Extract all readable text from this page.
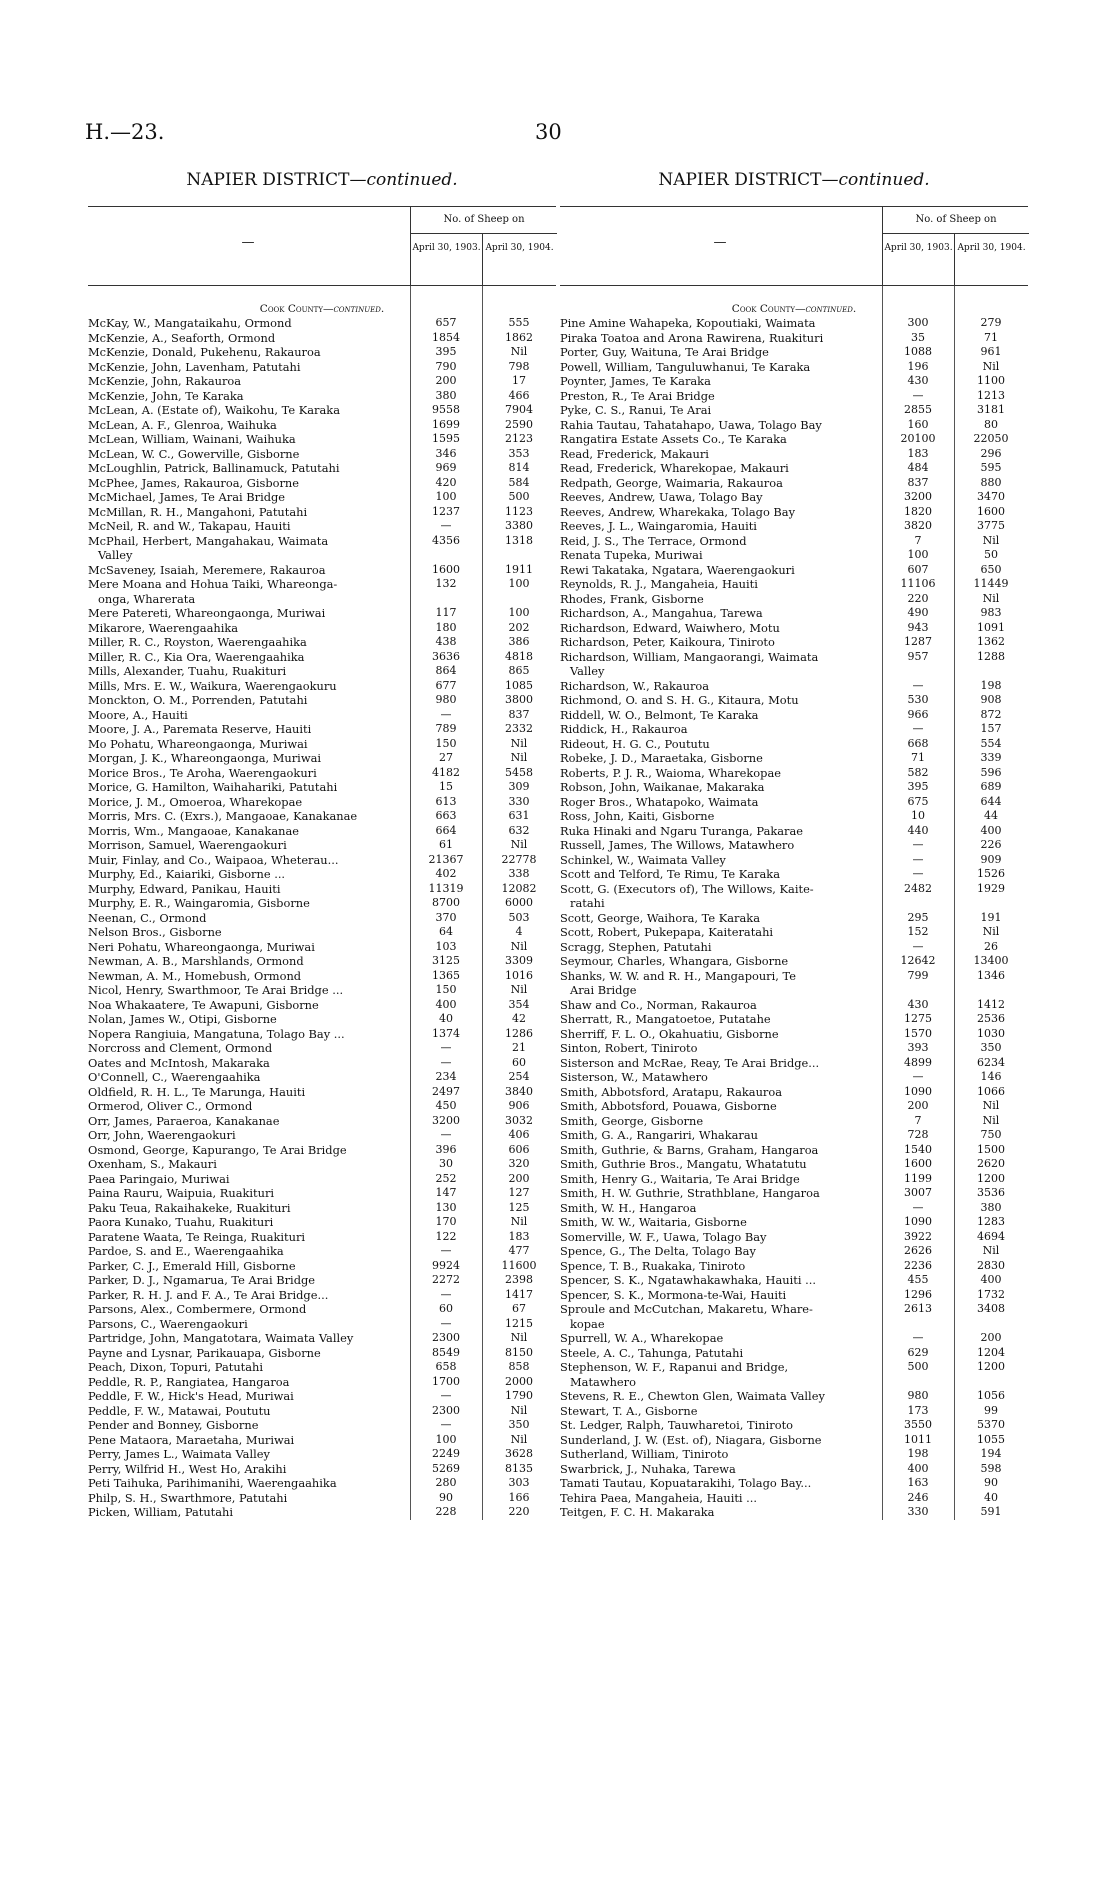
H.—23.	30
NAPIER DISTRICT—continued.
—
No. of Sheep on
April 30, 1903. April 30, 1904.
Cook County—continued.
McKay, W., Mangataikahu, Ormond	657	555
McKenzie, A., Seaforth, Ormond	1854	1862
McKenzie, Donald, Pukehenu, Rakauroa	395	Nil
McKenzie, John, Lavenham, Patutahi	790	798
McKenzie, John, Rakauroa	200	17
McKenzie, John, Te Karaka	380	466
McLean, A. (Estate of), Waikohu, Te Karaka	9558	7904
McLean, A. F., Glenroa, Waihuka	1699	2590
McLean, William, Wainani, Waihuka	1595	2123
McLean, W. C., Gowerville, Gisborne	346	353
McLoughlin, Patrick, Ballinamuck, Patutahi	969	814
McPhee, James, Rakauroa, Gisborne	420	584
McMichael, James, Te Arai Bridge	100	500
McMillan, R. H., Mangahoni, Patutahi	1237	1123
McNeil, R. and W., Takapau, Hauiti	—	3380
McPhail, Herbert, Mangahakau, Waimata	4356	1318
Valley
McSaveney, Isaiah, Meremere, Rakauroa	1600	1911
Mere Moana and Hohua Taiki, Whareonga-	132	100
onga, Wharerata
Mere Patereti, Whareongaonga, Muriwai	117	100
Mikarore, Waerengaahika	180	202
Miller, R. C., Royston, Waerengaahika	438	386
Miller, R. C., Kia Ora, Waerengaahika	3636	4818
Mills, Alexander, Tuahu, Ruakituri	864	865
Mills, Mrs. E. W., Waikura, Waerengaokuru	677	1085
Monckton, O. M., Porrenden, Patutahi	980	3800
Moore, A., Hauiti	—	837
Moore, J. A., Paremata Reserve, Hauiti	789	2332
Mo Pohatu, Whareongaonga, Muriwai	150	Nil
Morgan, J. K., Whareongaonga, Muriwai	27	Nil
Morice Bros., Te Aroha, Waerengaokuri	4182	5458
Morice, G. Hamilton, Waihahariki, Patutahi	15	309
Morice, J. M., Omoeroa, Wharekopae	613	330
Morris, Mrs. C. (Exrs.), Mangaoae, Kanakanae	663	631
Morris, Wm., Mangaoae, Kanakanae	664	632
Morrison, Samuel, Waerengaokuri	61	Nil
Muir, Finlay, and Co., Waipaoa, Wheterau...	21367	22778
Murphy, Ed., Kaiariki, Gisborne ...	402	338
Murphy, Edward, Panikau, Hauiti	11319	12082
Murphy, E. R., Waingaromia, Gisborne	8700	6000
Neenan, C., Ormond	370	503
Nelson Bros., Gisborne	64	4
Neri Pohatu, Whareongaonga, Muriwai	103	Nil
Newman, A. B., Marshlands, Ormond	3125	3309
Newman, A. M., Homebush, Ormond	1365	1016
Nicol, Henry, Swarthmoor, Te Arai Bridge ...	150	Nil
Noa Whakaatere, Te Awapuni, Gisborne	400	354
Nolan, James W., Otipi, Gisborne	40	42
Nopera Rangiuia, Mangatuna, Tolago Bay ...	1374	1286
Norcross and Clement, Ormond	—	21
Oates and McIntosh, Makaraka	—	60
O'Connell, C., Waerengaahika	234	254
Oldfield, R. H. L., Te Marunga, Hauiti	2497	3840
Ormerod, Oliver C., Ormond	450	906
Orr, James, Paraeroa, Kanakanae	3200	3032
Orr, John, Waerengaokuri	—	406
Osmond, George, Kapurango, Te Arai Bridge	396	606
Oxenham, S., Makauri	30	320
Paea Paringaio, Muriwai	252	200
Paina Rauru, Waipuia, Ruakituri	147	127
Paku Teua, Rakaihakeke, Ruakituri	130	125
Paora Kunako, Tuahu, Ruakituri	170	Nil
Paratene Waata, Te Reinga, Ruakituri	122	183
Pardoe, S. and E., Waerengaahika	—	477
Parker, C. J., Emerald Hill, Gisborne	9924	11600
Parker, D. J., Ngamarua, Te Arai Bridge	2272	2398
Parker, R. H. J. and F. A., Te Arai Bridge...	—	1417
Parsons, Alex., Combermere, Ormond	60	67
Parsons, C., Waerengaokuri	—	1215
Partridge, John, Mangatotara, Waimata Valley	2300	Nil
Payne and Lysnar, Parikauapa, Gisborne	8549	8150
Peach, Dixon, Topuri, Patutahi	658	858
Peddle, R. P., Rangiatea, Hangaroa	1700	2000
Peddle, F. W., Hick's Head, Muriwai	—	1790
Peddle, F. W., Matawai, Poututu	2300	Nil
Pender and Bonney, Gisborne	—	350
Pene Mataora, Maraetaha, Muriwai	100	Nil
Perry, James L., Waimata Valley	2249	3628
Perry, Wilfrid H., West Ho, Arakihi	5269	8135
Peti Taihuka, Parihimanihi, Waerengaahika	280	303
Philp, S. H., Swarthmore, Patutahi	90	166
Picken, William, Patutahi	228	220
NAPIER DISTRICT—continued.
—
No. of Sheep on
April 30, 1903. April 30, 1904.
Cook County—continued.
Pine Amine Wahapeka, Kopoutiaki, Waimata	300	279
Piraka Toatoa and Arona Rawirena, Ruakituri	35	71
Porter, Guy, Waituna, Te Arai Bridge	1088	961
Powell, William, Tanguluwhanui, Te Karaka	196	Nil
Poynter, James, Te Karaka	430	1100
Preston, R., Te Arai Bridge	—	1213
Pyke, C. S., Ranui, Te Arai	2855	3181
Rahia Tautau, Tahatahapo, Uawa, Tolago Bay	160	80
Rangatira Estate Assets Co., Te Karaka	20100	22050
Read, Frederick, Makauri	183	296
Read, Frederick, Wharekopae, Makauri	484	595
Redpath, George, Waimaria, Rakauroa	837	880
Reeves, Andrew, Uawa, Tolago Bay	3200	3470
Reeves, Andrew, Wharekaka, Tolago Bay	1820	1600
Reeves, J. L., Waingaromia, Hauiti	3820	3775
Reid, J. S., The Terrace, Ormond	7	Nil
Renata Tupeka, Muriwai	100	50
Rewi Takataka, Ngatara, Waerengaokuri	607	650
Reynolds, R. J., Mangaheia, Hauiti	11106	11449
Rhodes, Frank, Gisborne	220	Nil
Richardson, A., Mangahua, Tarewa	490	983
Richardson, Edward, Waiwhero, Motu	943	1091
Richardson, Peter, Kaikoura, Tiniroto	1287	1362
Richardson, William, Mangaorangi, Waimata	957	1288
Valley
Richardson, W., Rakauroa	—	198
Richmond, O. and S. H. G., Kitaura, Motu	530	908
Riddell, W. O., Belmont, Te Karaka	966	872
Riddick, H., Rakauroa	—	157
Rideout, H. G. C., Poututu	668	554
Robeke, J. D., Maraetaka, Gisborne	71	339
Roberts, P. J. R., Waioma, Wharekopae	582	596
Robson, John, Waikanae, Makaraka	395	689
Roger Bros., Whatapoko, Waimata	675	644
Ross, John, Kaiti, Gisborne	10	44
Ruka Hinaki and Ngaru Turanga, Pakarae	440	400
Russell, James, The Willows, Matawhero	—	226
Schinkel, W., Waimata Valley	—	909
Scott and Telford, Te Rimu, Te Karaka	—	1526
Scott, G. (Executors of), The Willows, Kaite-	2482	1929
ratahi
Scott, George, Waihora, Te Karaka	295	191
Scott, Robert, Pukepapa, Kaiteratahi	152	Nil
Scragg, Stephen, Patutahi	—	26
Seymour, Charles, Whangara, Gisborne	12642	13400
Shanks, W. W. and R. H., Mangapouri, Te	799	1346
Arai Bridge
Shaw and Co., Norman, Rakauroa	430	1412
Sherratt, R., Mangatoetoe, Putatahe	1275	2536
Sherriff, F. L. O., Okahuatiu, Gisborne	1570	1030
Sinton, Robert, Tiniroto	393	350
Sisterson and McRae, Reay, Te Arai Bridge...	4899	6234
Sisterson, W., Matawhero	—	146
Smith, Abbotsford, Aratapu, Rakauroa	1090	1066
Smith, Abbotsford, Pouawa, Gisborne	200	Nil
Smith, George, Gisborne	7	Nil
Smith, G. A., Rangariri, Whakarau	728	750
Smith, Guthrie, & Barns, Graham, Hangaroa	1540	1500
Smith, Guthrie Bros., Mangatu, Whatatutu	1600	2620
Smith, Henry G., Waitaria, Te Arai Bridge	1199	1200
Smith, H. W. Guthrie, Strathblane, Hangaroa	3007	3536
Smith, W. H., Hangaroa	—	380
Smith, W. W., Waitaria, Gisborne	1090	1283
Somerville, W. F., Uawa, Tolago Bay	3922	4694
Spence, G., The Delta, Tolago Bay	2626	Nil
Spence, T. B., Ruakaka, Tiniroto	2236	2830
Spencer, S. K., Ngatawhakawhaka, Hauiti ...	455	400
Spencer, S. K., Mormona-te-Wai, Hauiti	1296	1732
Sproule and McCutchan, Makaretu, Whare-	2613	3408
kopae
Spurrell, W. A., Wharekopae	—	200
Steele, A. C., Tahunga, Patutahi	629	1204
Stephenson, W. F., Rapanui and Bridge,	500	1200
Matawhero
Stevens, R. E., Chewton Glen, Waimata Valley	980	1056
Stewart, T. A., Gisborne	173	99
St. Ledger, Ralph, Tauwharetoi, Tiniroto	3550	5370
Sunderland, J. W. (Est. of), Niagara, Gisborne	1011	1055
Sutherland, William, Tiniroto	198	194
Swarbrick, J., Nuhaka, Tarewa	400	598
Tamati Tautau, Kopuatarakihi, Tolago Bay...	163	90
Tehira Paea, Mangaheia, Hauiti ...	246	40
Teitgen, F. C. H. Makaraka	330	591
